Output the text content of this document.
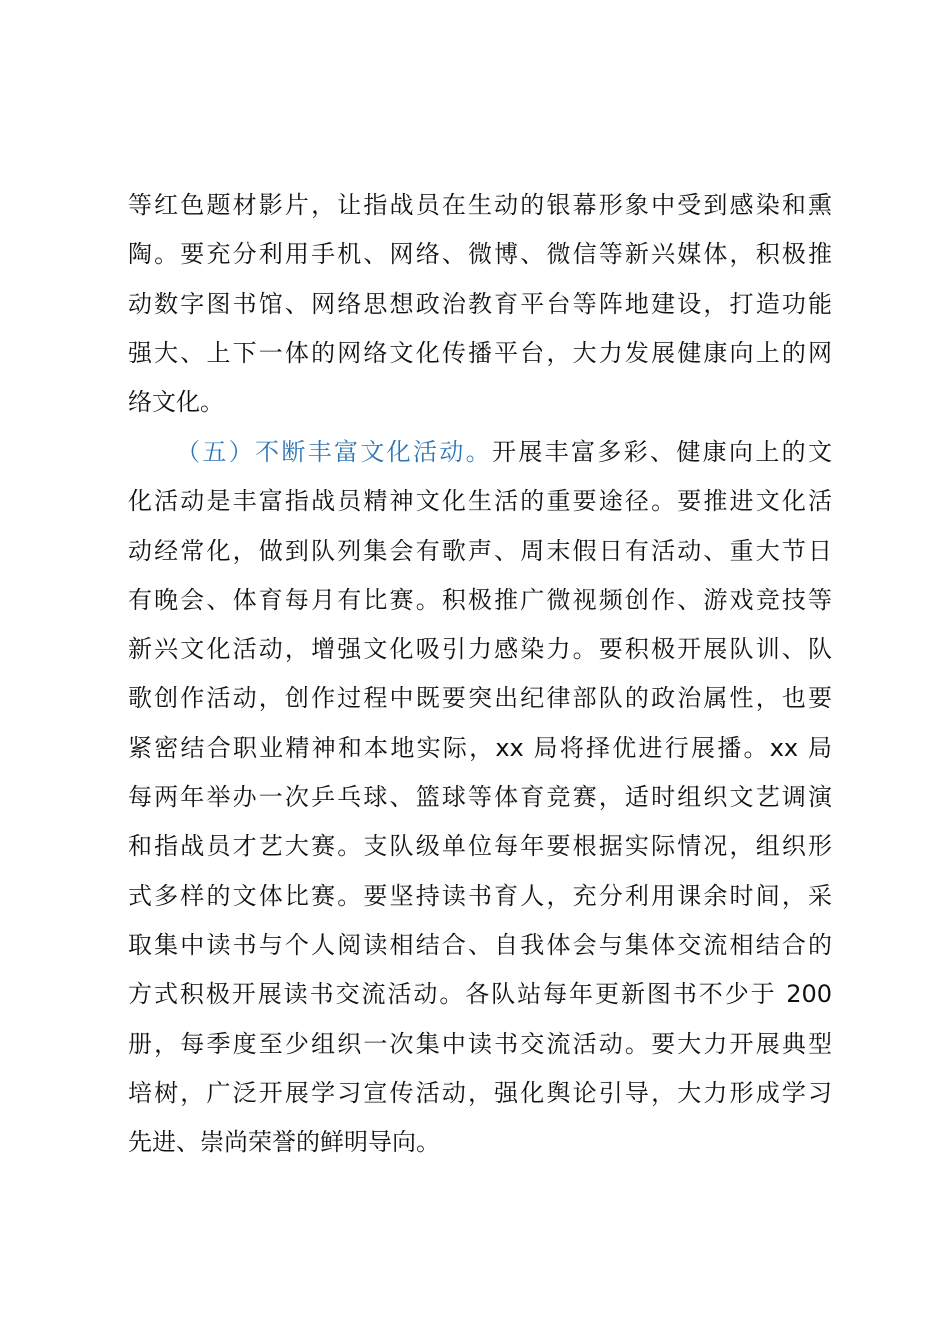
等红色题材影片，让指战员在生动的银幕形象中受到感染和熏
陶。要充分利用手机、网络、微博、微信等新兴媒体，积极推
动数字图书馆、网络思想政治教育平台等阵地建设，打造功能
强大、上下一体的网络文化传播平台，大力发展健康向上的网
络文化。
（五）不断丰富文化活动。开展丰富多彩、健康向上的文
化活动是丰富指战员精神文化生活的重要途径。要推进文化活
动经常化，做到队列集会有歌声、周末假日有活动、重大节日
有晚会、体育每月有比赛。积极推广微视频创作、游戏竞技等
新兴文化活动，增强文化吸引力感染力。要积极开展队训、队
歌创作活动，创作过程中既要突出纪律部队的政治属性，也要
紧密结合职业精神和本地实际，xx 局将择优进行展播。xx 局
每两年举办一次乒乓球、篮球等体育竞赛，适时组织文艺调演
和指战员才艺大赛。支队级单位每年要根据实际情况，组织形
式多样的文体比赛。要坚持读书育人，充分利用课余时间，采
取集中读书与个人阅读相结合、自我体会与集体交流相结合的
方式积极开展读书交流活动。各队站每年更新图书不少于 200
册，每季度至少组织一次集中读书交流活动。要大力开展典型
培树，广泛开展学习宣传活动，强化舆论引导，大力形成学习
先进、崇尚荣誉的鲜明导向。
